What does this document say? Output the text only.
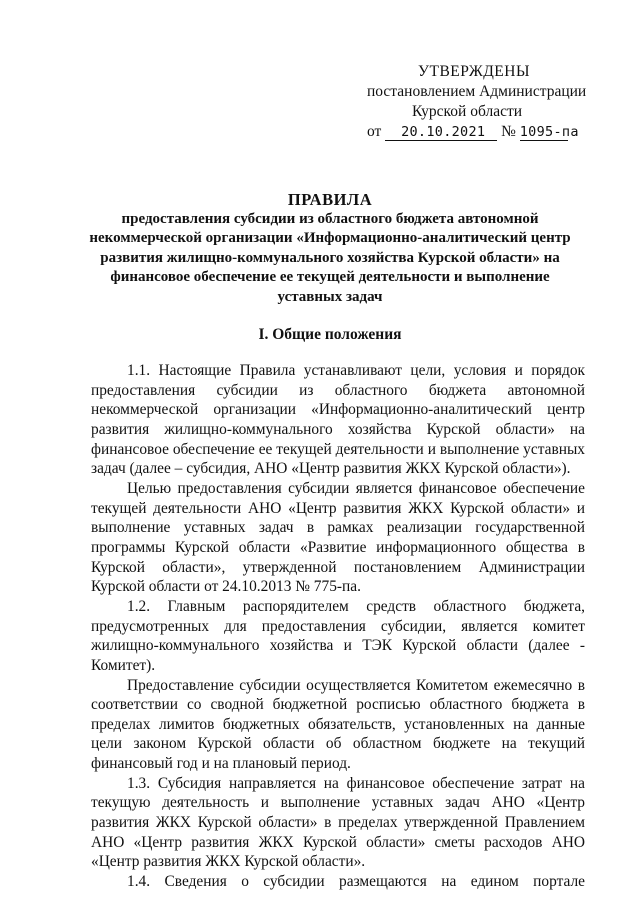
УТВЕРЖДЕНЫ
постановлением Администрации
Курской области
от 20.10.2021 № 1095-па
ПРАВИЛА
предоставления субсидии из областного бюджета автономной
некоммерческой организации «Информационно-аналитический центр
развития жилищно-коммунального хозяйства Курской области» на
финансовое обеспечение ее текущей деятельности и выполнение
уставных задач
I. Общие положения

1.1. Настоящие Правила устанавливают цели, условия и порядок предоставления субсидии из областного бюджета автономной некоммерческой организации «Информационно-аналитический центр развития жилищно-коммунального хозяйства Курской области» на финансовое обеспечение ее текущей деятельности и выполнение уставных задач (далее – субсидия, АНО «Центр развития ЖКХ Курской области»).

Целью предоставления субсидии является финансовое обеспечение текущей деятельности АНО «Центр развития ЖКХ Курской области» и выполнение уставных задач в рамках реализации государственной программы Курской области «Развитие информационного общества в Курской области», утвержденной постановлением Администрации Курской области от 24.10.2013 № 775-па.

1.2. Главным распорядителем средств областного бюджета, предусмотренных для предоставления субсидии, является комитет жилищно-коммунального хозяйства и ТЭК Курской области (далее - Комитет).

Предоставление субсидии осуществляется Комитетом ежемесячно в соответствии со сводной бюджетной росписью областного бюджета в пределах лимитов бюджетных обязательств, установленных на данные цели законом Курской области об областном бюджете на текущий финансовый год и на плановый период.

1.3. Субсидия направляется на финансовое обеспечение затрат на текущую деятельность и выполнение уставных задач АНО «Центр развития ЖКХ Курской области» в пределах утвержденной Правлением АНО «Центр развития ЖКХ Курской области» сметы расходов АНО «Центр развития ЖКХ Курской области».

1.4. Сведения о субсидии размещаются на едином портале
